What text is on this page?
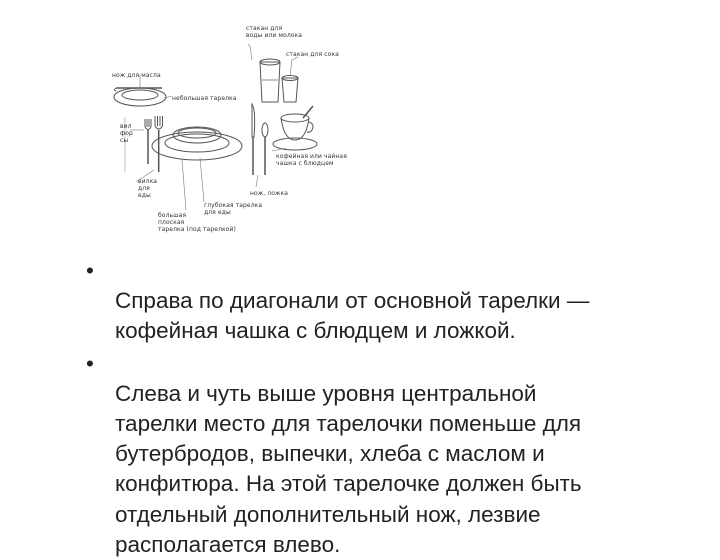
стакан для
воды или молока
стакан для сока
нож для масла
небольшая тарелка
вил
фор
сы
кофейная или чайная
чашка с блюдцем
вилка
для
еды	нож, ложка
глубокая тарелка
для еды
большая
плоская
тарелка (под тарелкой)

•
Справа по диагонали от основной тарелки —
кофейная чашка с блюдцем и ложкой.

•
Слева и чуть выше уровня центральной
тарелки место для тарелочки поменьше для
бутербродов, выпечки, хлеба с маслом и
конфитюра. На этой тарелочке должен быть
отдельный дополнительный нож, лезвие
располагается влево.
